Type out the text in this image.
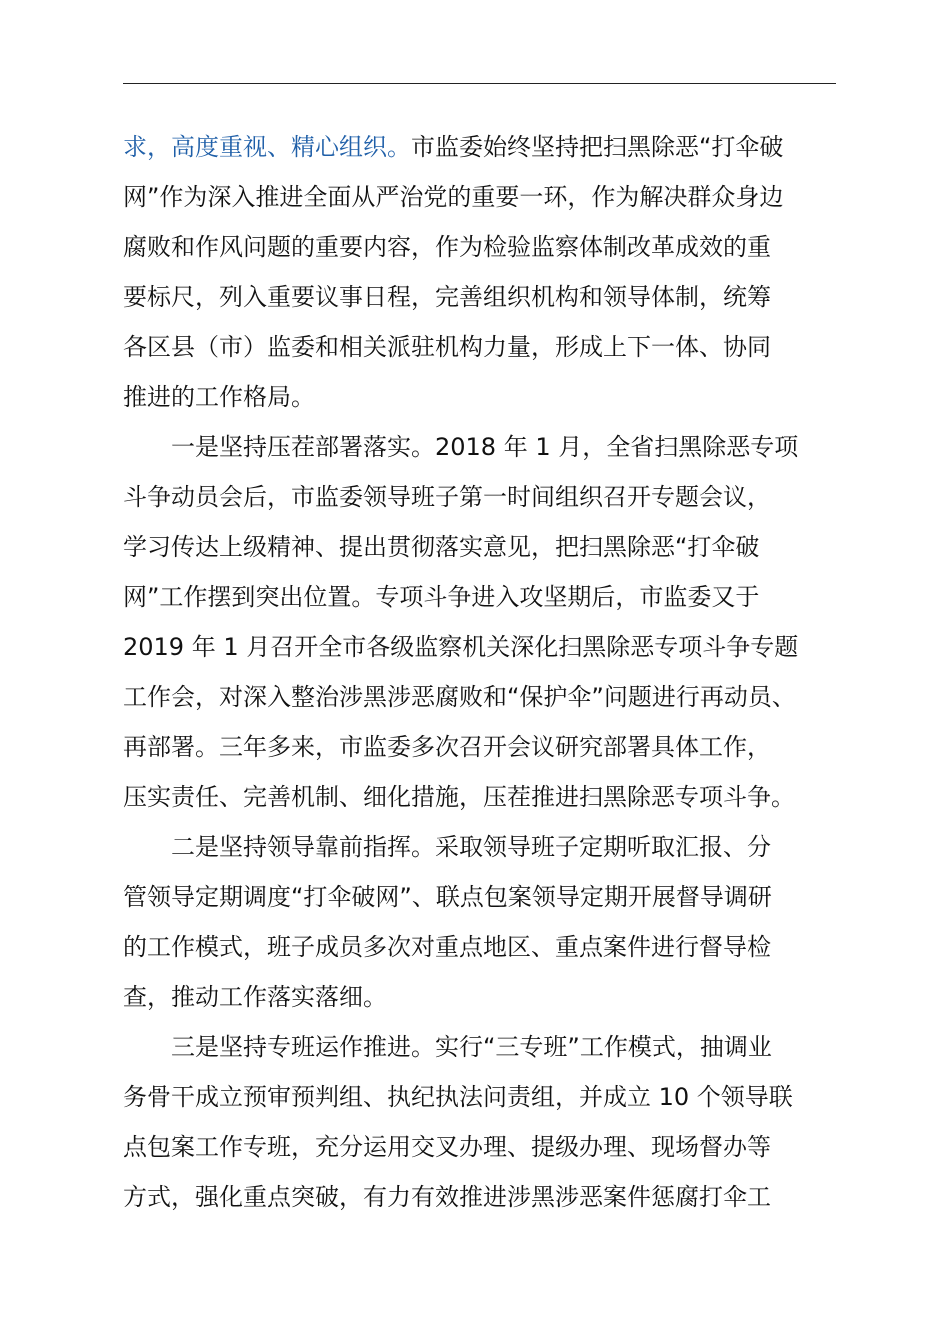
求，高度重视、精心组织。市监委始终坚持把扫黑除恶“打伞破
网”作为深入推进全面从严治党的重要一环，作为解决群众身边
腐败和作风问题的重要内容，作为检验监察体制改革成效的重
要标尺，列入重要议事日程，完善组织机构和领导体制，统筹
各区县（市）监委和相关派驻机构力量，形成上下一体、协同
推进的工作格局。
　　一是坚持压茬部署落实。2018 年 1 月，全省扫黑除恶专项
斗争动员会后，市监委领导班子第一时间组织召开专题会议，
学习传达上级精神、提出贯彻落实意见，把扫黑除恶“打伞破
网”工作摆到突出位置。专项斗争进入攻坚期后，市监委又于
2019 年 1 月召开全市各级监察机关深化扫黑除恶专项斗争专题
工作会，对深入整治涉黑涉恶腐败和“保护伞”问题进行再动员、
再部署。三年多来，市监委多次召开会议研究部署具体工作，
压实责任、完善机制、细化措施，压茬推进扫黑除恶专项斗争。
　　二是坚持领导靠前指挥。采取领导班子定期听取汇报、分
管领导定期调度“打伞破网”、联点包案领导定期开展督导调研
的工作模式，班子成员多次对重点地区、重点案件进行督导检
查，推动工作落实落细。
　　三是坚持专班运作推进。实行“三专班”工作模式，抽调业
务骨干成立预审预判组、执纪执法问责组，并成立 10 个领导联
点包案工作专班，充分运用交叉办理、提级办理、现场督办等
方式，强化重点突破，有力有效推进涉黑涉恶案件惩腐打伞工
